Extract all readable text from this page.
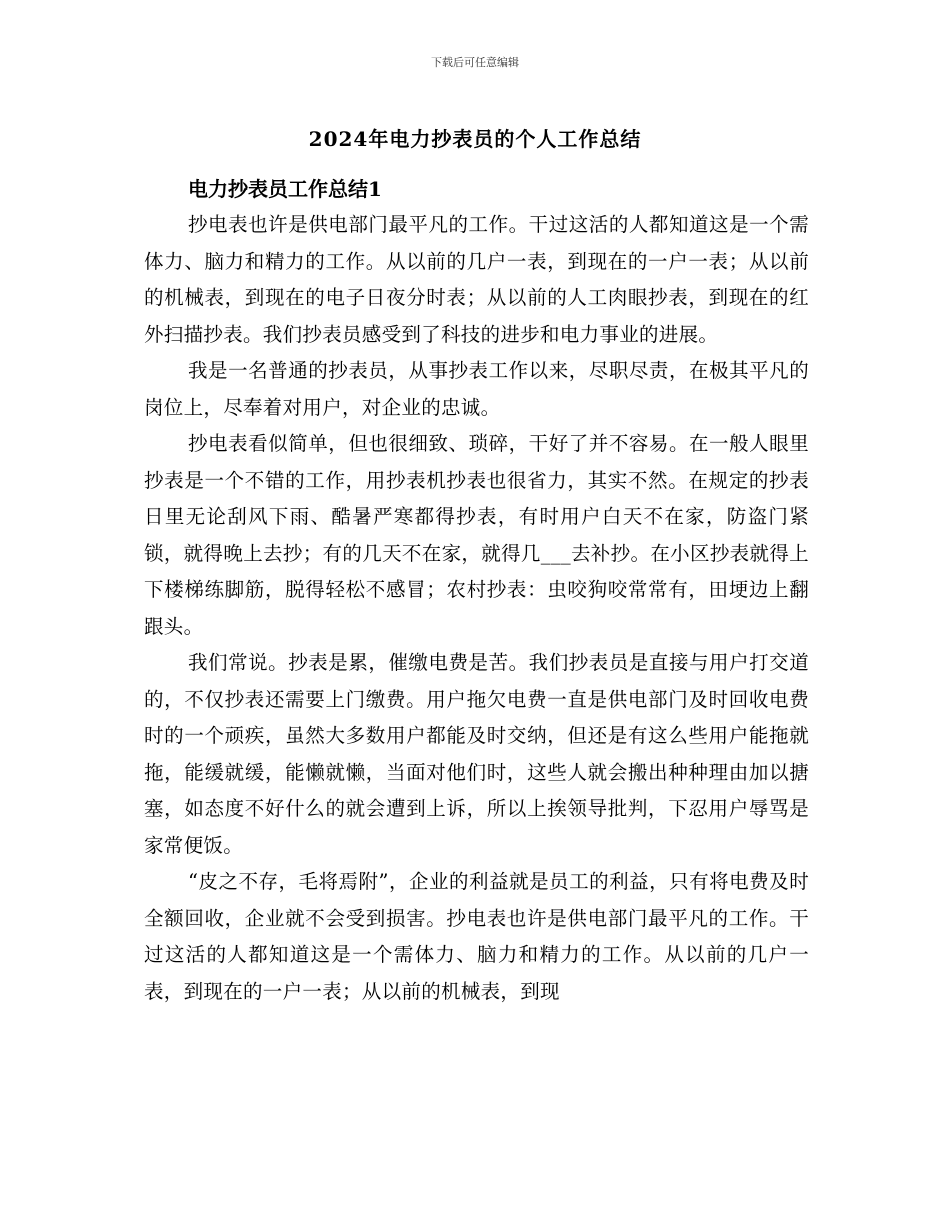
下载后可任意编辑
2024年电力抄表员的个人工作总结
电力抄表员工作总结1

抄电表也许是供电部门最平凡的工作。干过这活的人都知道这是一个需体力、脑力和精力的工作。从以前的几户一表，到现在的一户一表；从以前的机械表，到现在的电子日夜分时表；从以前的人工肉眼抄表，到现在的红外扫描抄表。我们抄表员感受到了科技的进步和电力事业的进展。

我是一名普通的抄表员，从事抄表工作以来，尽职尽责，在极其平凡的岗位上，尽奉着对用户，对企业的忠诚。

抄电表看似简单，但也很细致、琐碎，干好了并不容易。在一般人眼里抄表是一个不错的工作，用抄表机抄表也很省力，其实不然。在规定的抄表日里无论刮风下雨、酷暑严寒都得抄表，有时用户白天不在家，防盗门紧锁，就得晚上去抄；有的几天不在家，就得几___去补抄。在小区抄表就得上下楼梯练脚筋，脱得轻松不感冒；农村抄表：虫咬狗咬常常有，田埂边上翻跟头。

我们常说。抄表是累，催缴电费是苦。我们抄表员是直接与用户打交道的，不仅抄表还需要上门缴费。用户拖欠电费一直是供电部门及时回收电费时的一个顽疾，虽然大多数用户都能及时交纳，但还是有这么些用户能拖就拖，能缓就缓，能懒就懒，当面对他们时，这些人就会搬出种种理由加以搪塞，如态度不好什么的就会遭到上诉，所以上挨领导批判，下忍用户辱骂是家常便饭。

“皮之不存，毛将焉附”，企业的利益就是员工的利益，只有将电费及时全额回收，企业就不会受到损害。抄电表也许是供电部门最平凡的工作。干过这活的人都知道这是一个需体力、脑力和精力的工作。从以前的几户一表，到现在的一户一表；从以前的机械表，到现
